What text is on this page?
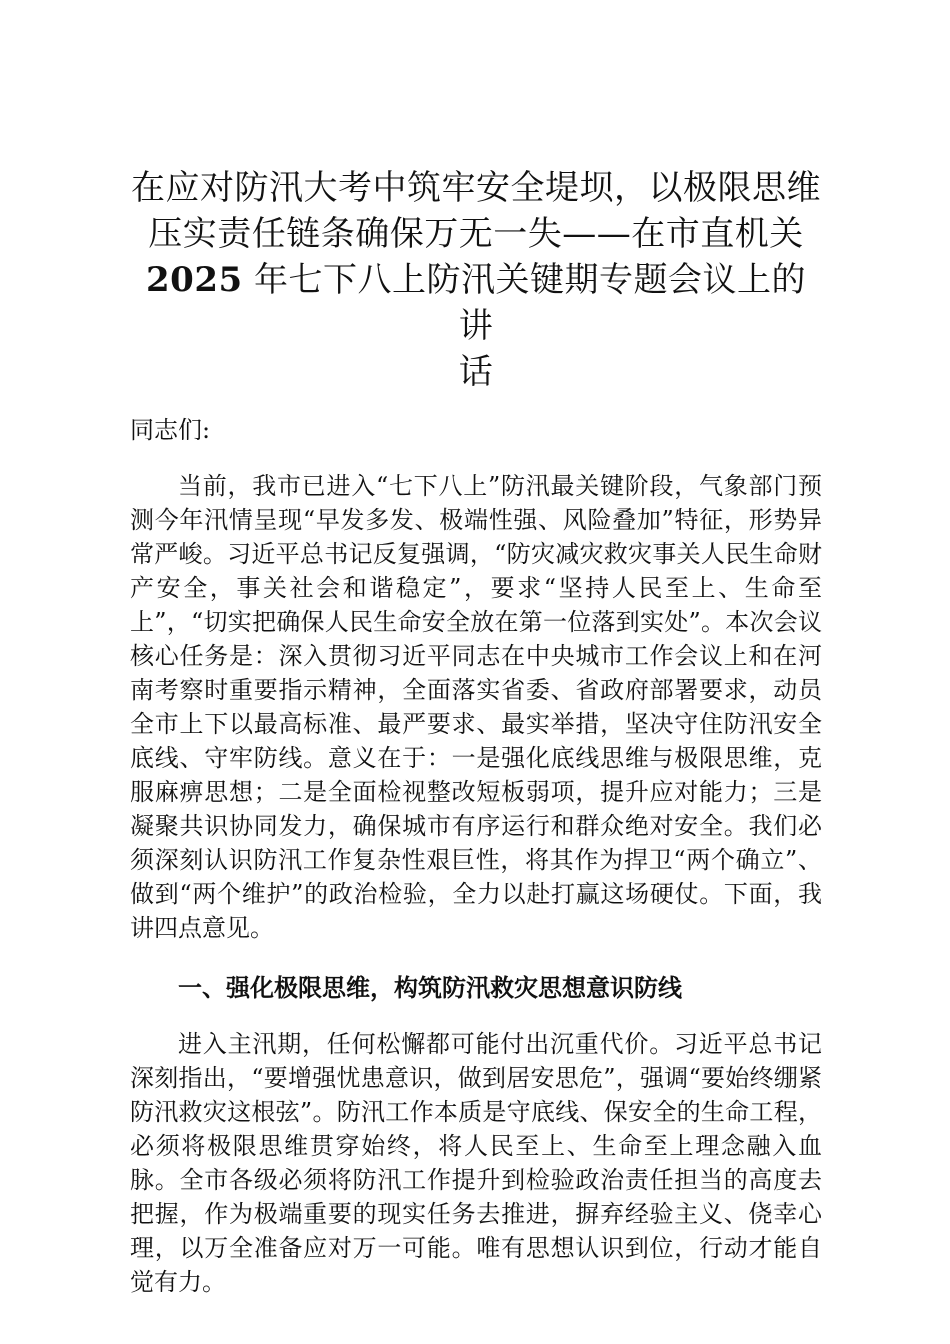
在应对防汛大考中筑牢安全堤坝，以极限思维
压实责任链条确保万无一失——在市直机关
2025 年七下八上防汛关键期专题会议上的讲
话

同志们:

当前，我市已进入“七下八上”防汛最关键阶段，气象部门预测今年汛情呈现“早发多发、极端性强、风险叠加”特征，形势异常严峻。习近平总书记反复强调，“防灾减灾救灾事关人民生命财产安全，事关社会和谐稳定”，要求“坚持人民至上、生命至上”，“切实把确保人民生命安全放在第一位落到实处”。本次会议核心任务是：深入贯彻习近平同志在中央城市工作会议上和在河南考察时重要指示精神，全面落实省委、省政府部署要求，动员全市上下以最高标准、最严要求、最实举措，坚决守住防汛安全底线、守牢防线。意义在于：一是强化底线思维与极限思维，克服麻痹思想；二是全面检视整改短板弱项，提升应对能力；三是凝聚共识协同发力，确保城市有序运行和群众绝对安全。我们必须深刻认识防汛工作复杂性艰巨性，将其作为捍卫“两个确立”、做到“两个维护”的政治检验，全力以赴打赢这场硬仗。下面，我讲四点意见。

一、强化极限思维，构筑防汛救灾思想意识防线

进入主汛期，任何松懈都可能付出沉重代价。习近平总书记深刻指出，“要增强忧患意识，做到居安思危”，强调“要始终绷紧防汛救灾这根弦”。防汛工作本质是守底线、保安全的生命工程，必须将极限思维贯穿始终，将人民至上、生命至上理念融入血脉。全市各级必须将防汛工作提升到检验政治责任担当的高度去把握，作为极端重要的现实任务去推进，摒弃经验主义、侥幸心理，以万全准备应对万一可能。唯有思想认识到位，行动才能自觉有力。
